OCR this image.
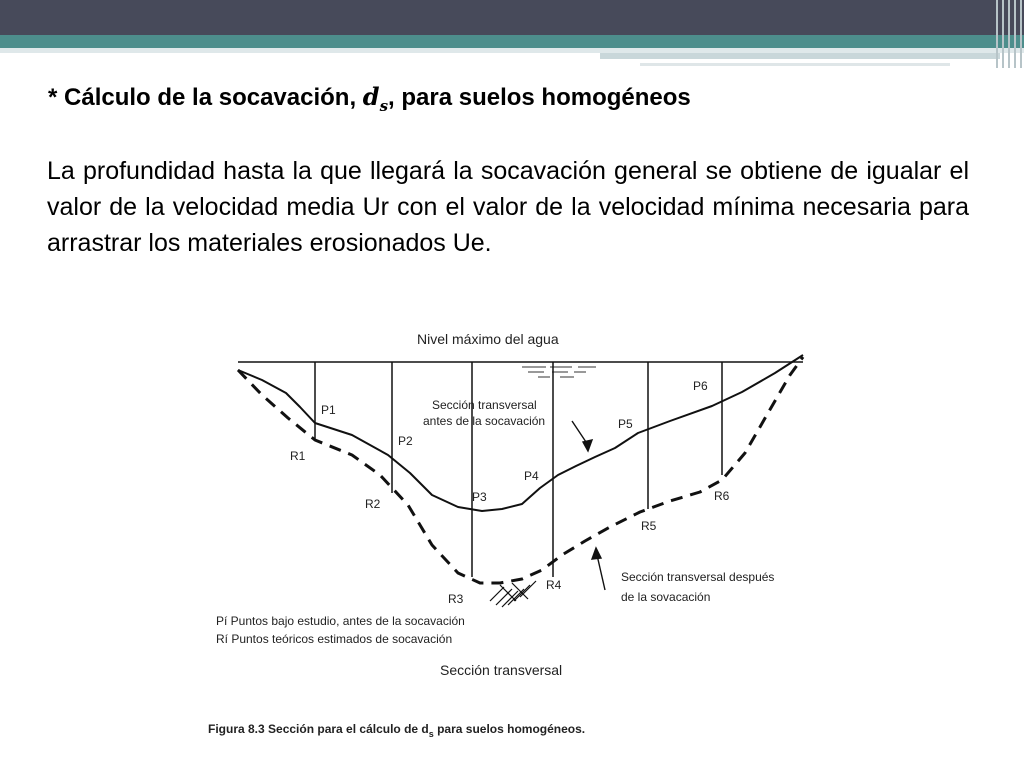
* Cálculo de la socavación, $d_s$, para suelos homogéneos

La profundidad hasta la que llegará la socavación general se obtiene de igualar el valor de la velocidad media Ur con el valor de la velocidad mínima necesaria para arrastrar los materiales erosionados Ue.

Nivel máximo del agua
Sección transversal
antes de la socavación
Sección transversal después
de la sovacación
P1
P2
P3
P4
P5
P6
R1
R2
R3
R4
R5
R6
Pí Puntos bajo estudio, antes de la socavación
Rí Puntos teóricos estimados de socavación
Sección transversal
Figura 8.3 Sección para el cálculo de $d_s$ para suelos homogéneos.
